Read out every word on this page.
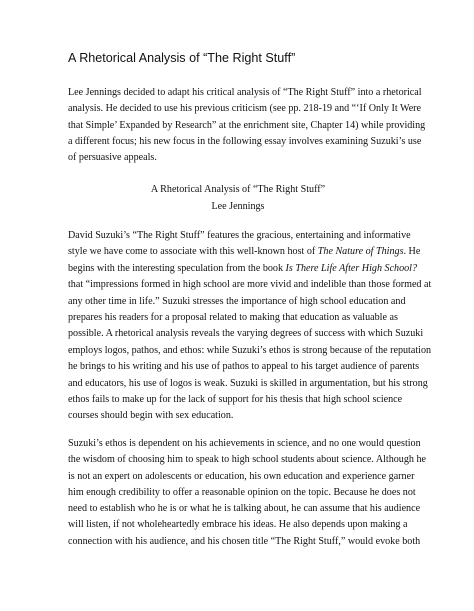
A Rhetorical Analysis of “The Right Stuff”
Lee Jennings decided to adapt his critical analysis of “The Right Stuff” into a rhetorical
analysis. He decided to use his previous criticism (see pp. 218-19 and “‘If Only It Were
that Simple’ Expanded by Research” at the enrichment site, Chapter 14) while providing
a different focus; his new focus in the following essay involves examining Suzuki’s use
of persuasive appeals.
A Rhetorical Analysis of “The Right Stuff”
Lee Jennings
David Suzuki’s “The Right Stuff” features the gracious, entertaining and informative
style we have come to associate with this well-known host of The Nature of Things. He
begins with the interesting speculation from the book Is There Life After High School?
that “impressions formed in high school are more vivid and indelible than those formed at
any other time in life.” Suzuki stresses the importance of high school education and
prepares his readers for a proposal related to making that education as valuable as
possible. A rhetorical analysis reveals the varying degrees of success with which Suzuki
employs logos, pathos, and ethos: while Suzuki’s ethos is strong because of the reputation
he brings to his writing and his use of pathos to appeal to his target audience of parents
and educators, his use of logos is weak. Suzuki is skilled in argumentation, but his strong
ethos fails to make up for the lack of support for his thesis that high school science
courses should begin with sex education.
Suzuki’s ethos is dependent on his achievements in science, and no one would question
the wisdom of choosing him to speak to high school students about science. Although he
is not an expert on adolescents or education, his own education and experience garner
him enough credibility to offer a reasonable opinion on the topic. Because he does not
need to establish who he is or what he is talking about, he can assume that his audience
will listen, if not wholeheartedly embrace his ideas. He also depends upon making a
connection with his audience, and his chosen title “The Right Stuff,” would evoke both
